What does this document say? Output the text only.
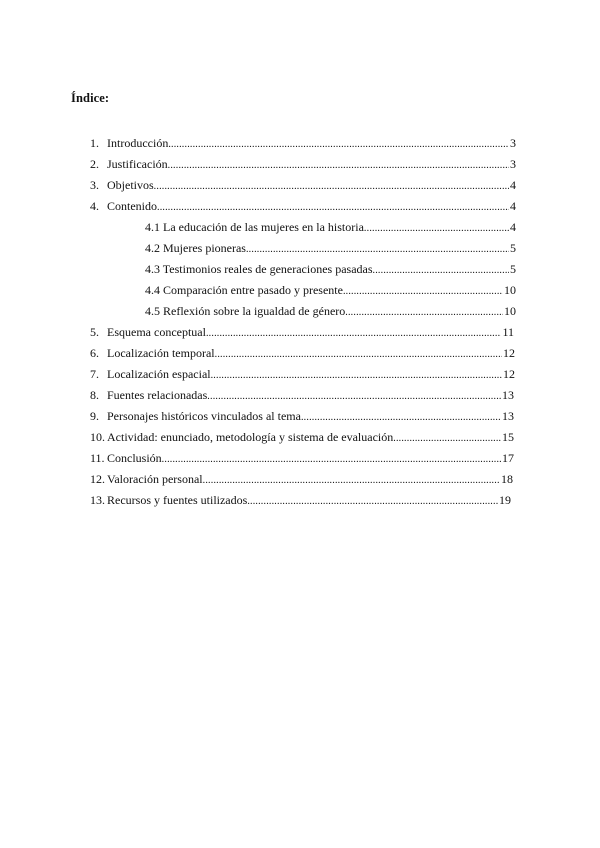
Índice:
1. Introducción .....	3
2. Justificación .....	3
3. Objetivos .....	4
4. Contenido .....	4
4.1 La educación de las mujeres en la historia .....	4
4.2 Mujeres pioneras .....	5
4.3 Testimonios reales de generaciones pasadas .....	5
4.4 Comparación entre pasado y presente .....	10
4.5 Reflexión sobre la igualdad de género .....	10
5. Esquema conceptual .....	11
6. Localización temporal .....	12
7. Localización espacial .....	12
8. Fuentes relacionadas .....	13
9. Personajes históricos vinculados al tema .....	13
10. Actividad: enunciado, metodología y sistema de evaluación .....	15
11. Conclusión .....	17
12. Valoración personal .....	18
13. Recursos y fuentes utilizados .....	19
